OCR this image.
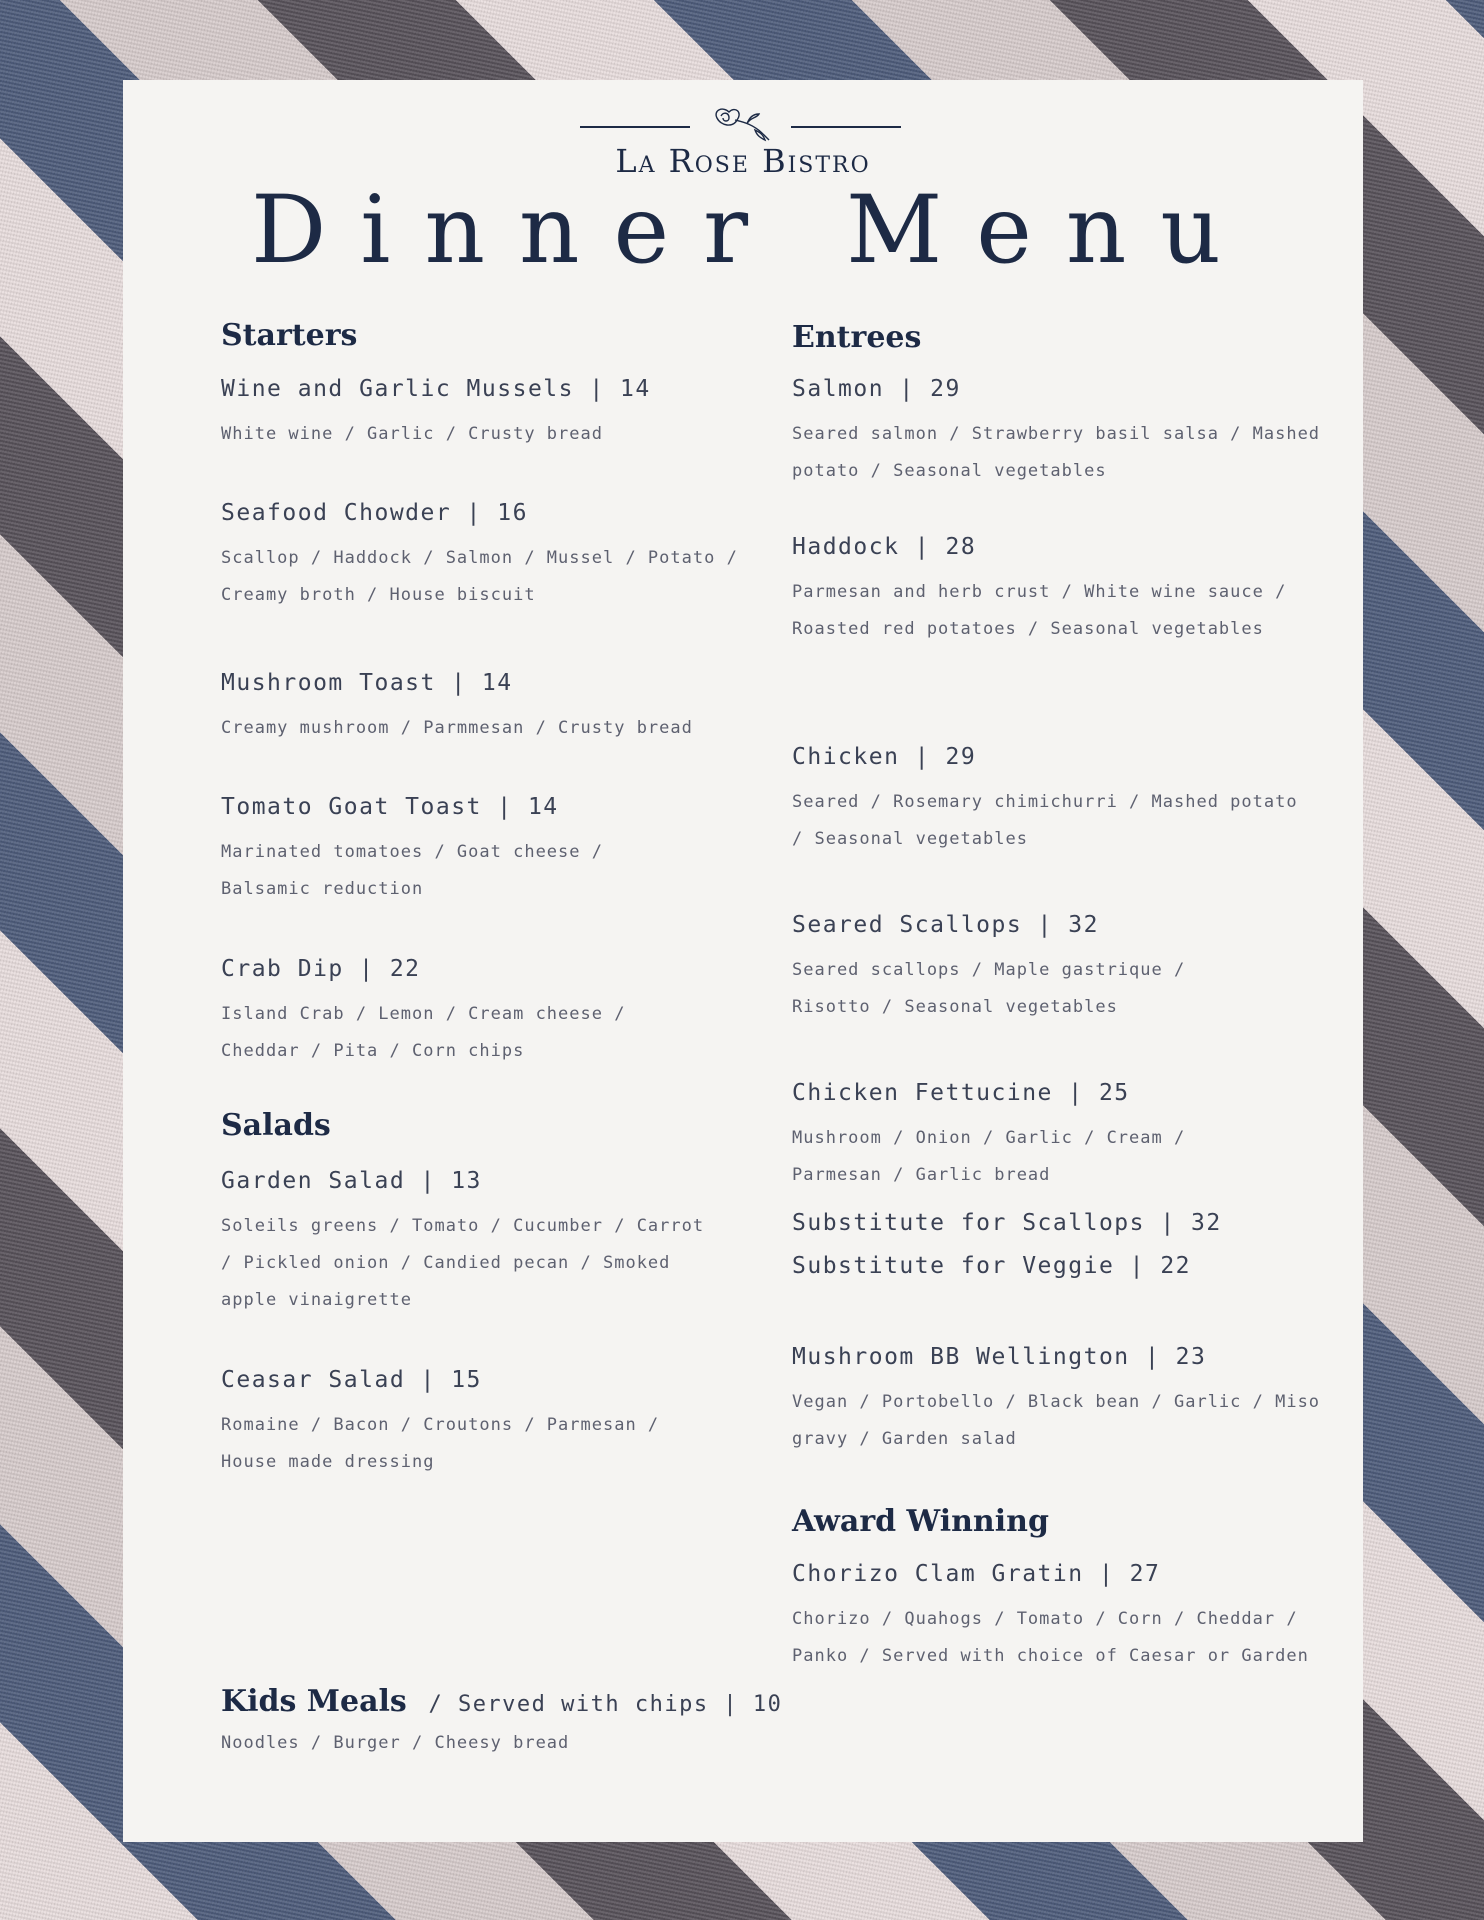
La Rose Bistro
Dinner Menu
Starters
Wine and Garlic Mussels | 14
White wine / Garlic / Crusty bread
Seafood Chowder | 16
Scallop / Haddock / Salmon / Mussel / Potato / Creamy broth / House biscuit
Mushroom Toast | 14
Creamy mushroom / Parmmesan / Crusty bread
Tomato Goat Toast | 14
Marinated tomatoes / Goat cheese / Balsamic reduction
Crab Dip | 22
Island Crab / Lemon / Cream cheese / Cheddar / Pita / Corn chips
Salads
Garden Salad | 13
Soleils greens / Tomato / Cucumber / Carrot / Pickled onion / Candied pecan / Smoked apple vinaigrette
Ceasar Salad | 15
Romaine / Bacon / Croutons / Parmesan / House made dressing
Kids Meals / Served with chips | 10
Noodles / Burger / Cheesy bread
Entrees
Salmon | 29
Seared salmon / Strawberry basil salsa / Mashed potato / Seasonal vegetables
Haddock | 28
Parmesan and herb crust / White wine sauce / Roasted red potatoes / Seasonal vegetables
Chicken | 29
Seared / Rosemary chimichurri / Mashed potato / Seasonal vegetables
Seared Scallops | 32
Seared scallops / Maple gastrique / Risotto / Seasonal vegetables
Chicken Fettucine | 25
Mushroom / Onion / Garlic / Cream / Parmesan / Garlic bread
Substitute for Scallops | 32
Substitute for Veggie | 22
Mushroom BB Wellington | 23
Vegan / Portobello / Black bean / Garlic / Miso gravy / Garden salad
Award Winning
Chorizo Clam Gratin | 27
Chorizo / Quahogs / Tomato / Corn / Cheddar / Panko / Served with choice of Caesar or Garden
